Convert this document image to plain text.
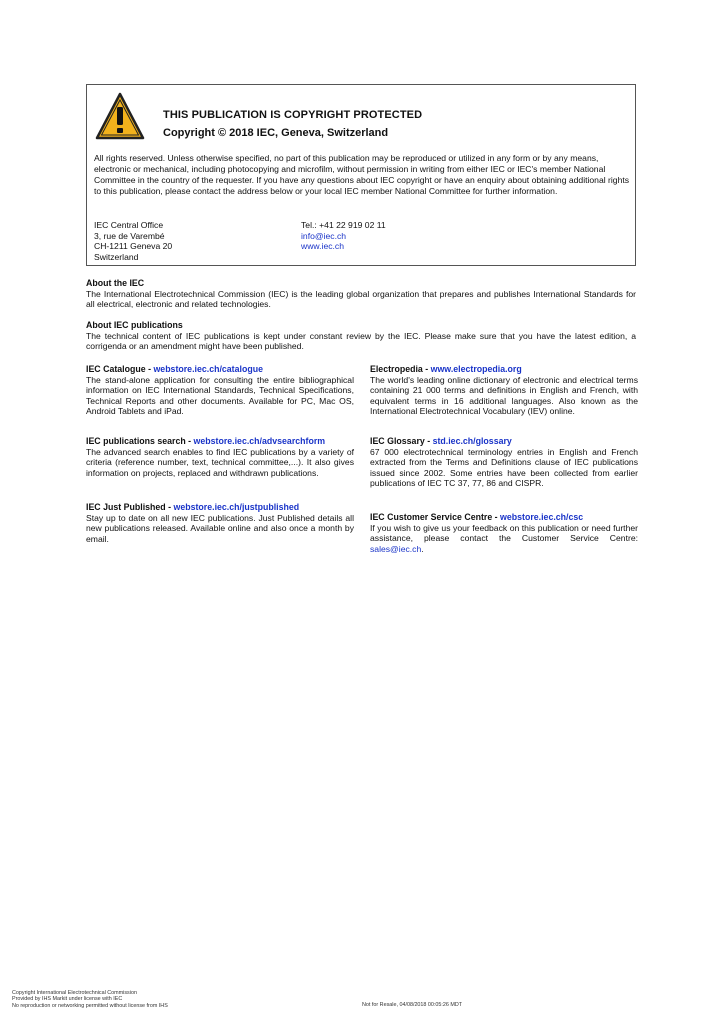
THIS PUBLICATION IS COPYRIGHT PROTECTED
Copyright © 2018 IEC, Geneva, Switzerland
All rights reserved. Unless otherwise specified, no part of this publication may be reproduced or utilized in any form or by any means, electronic or mechanical, including photocopying and microfilm, without permission in writing from either IEC or IEC's member National Committee in the country of the requester. If you have any questions about IEC copyright or have an enquiry about obtaining additional rights to this publication, please contact the address below or your local IEC member National Committee for further information.
IEC Central Office
3, rue de Varembé
CH-1211 Geneva 20
Switzerland
Tel.: +41 22 919 02 11
info@iec.ch
www.iec.ch
About the IEC

The International Electrotechnical Commission (IEC) is the leading global organization that prepares and publishes International Standards for all electrical, electronic and related technologies.

About IEC publications

The technical content of IEC publications is kept under constant review by the IEC. Please make sure that you have the latest edition, a corrigenda or an amendment might have been published.

IEC Catalogue - webstore.iec.ch/catalogue

The stand-alone application for consulting the entire bibliographical information on IEC International Standards, Technical Specifications, Technical Reports and other documents. Available for PC, Mac OS, Android Tablets and iPad.

IEC publications search - webstore.iec.ch/advsearchform

The advanced search enables to find IEC publications by a variety of criteria (reference number, text, technical committee,...). It also gives information on projects, replaced and withdrawn publications.

IEC Just Published - webstore.iec.ch/justpublished

Stay up to date on all new IEC publications. Just Published details all new publications released. Available online and also once a month by email.

Electropedia - www.electropedia.org

The world's leading online dictionary of electronic and electrical terms containing 21 000 terms and definitions in English and French, with equivalent terms in 16 additional languages. Also known as the International Electrotechnical Vocabulary (IEV) online.

IEC Glossary - std.iec.ch/glossary

67 000 electrotechnical terminology entries in English and French extracted from the Terms and Definitions clause of IEC publications issued since 2002. Some entries have been collected from earlier publications of IEC TC 37, 77, 86 and CISPR.

IEC Customer Service Centre - webstore.iec.ch/csc

If you wish to give us your feedback on this publication or need further assistance, please contact the Customer Service Centre: sales@iec.ch.

Copyright International Electrotechnical Commission
Provided by IHS Markit under license with IEC
No reproduction or networking permitted without license from IHS	Not for Resale, 04/08/2018 00:05:26 MDT
